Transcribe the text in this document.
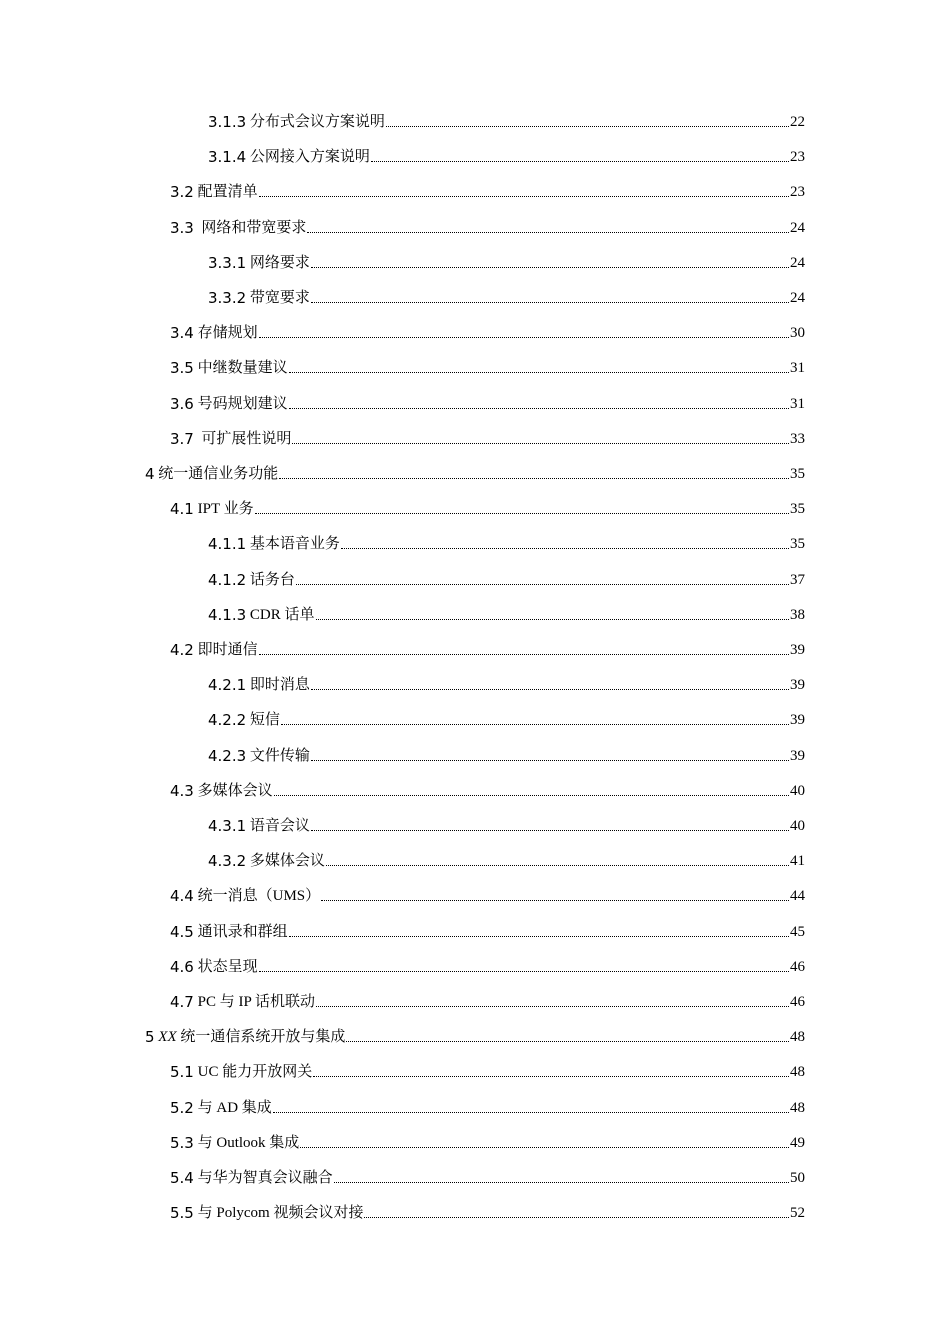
3.1.3 分布式会议方案说明	22
3.1.4 公网接入方案说明	23
3.2 配置清单	23
3.3 网络和带宽要求	24
3.3.1 网络要求	24
3.3.2 带宽要求	24
3.4 存储规划	30
3.5 中继数量建议	31
3.6 号码规划建议	31
3.7 可扩展性说明	33
4 统一通信业务功能	35
4.1 IPT 业务	35
4.1.1 基本语音业务	35
4.1.2 话务台	37
4.1.3 CDR 话单	38
4.2 即时通信	39
4.2.1 即时消息	39
4.2.2 短信	39
4.2.3 文件传输	39
4.3 多媒体会议	40
4.3.1 语音会议	40
4.3.2 多媒体会议	41
4.4 统一消息（UMS）	44
4.5 通讯录和群组	45
4.6 状态呈现	46
4.7 PC 与 IP 话机联动	46
5 XX 统一通信系统开放与集成	48
5.1 UC 能力开放网关	48
5.2 与 AD 集成	48
5.3 与 Outlook 集成	49
5.4 与华为智真会议融合	50
5.5 与 Polycom 视频会议对接	52
